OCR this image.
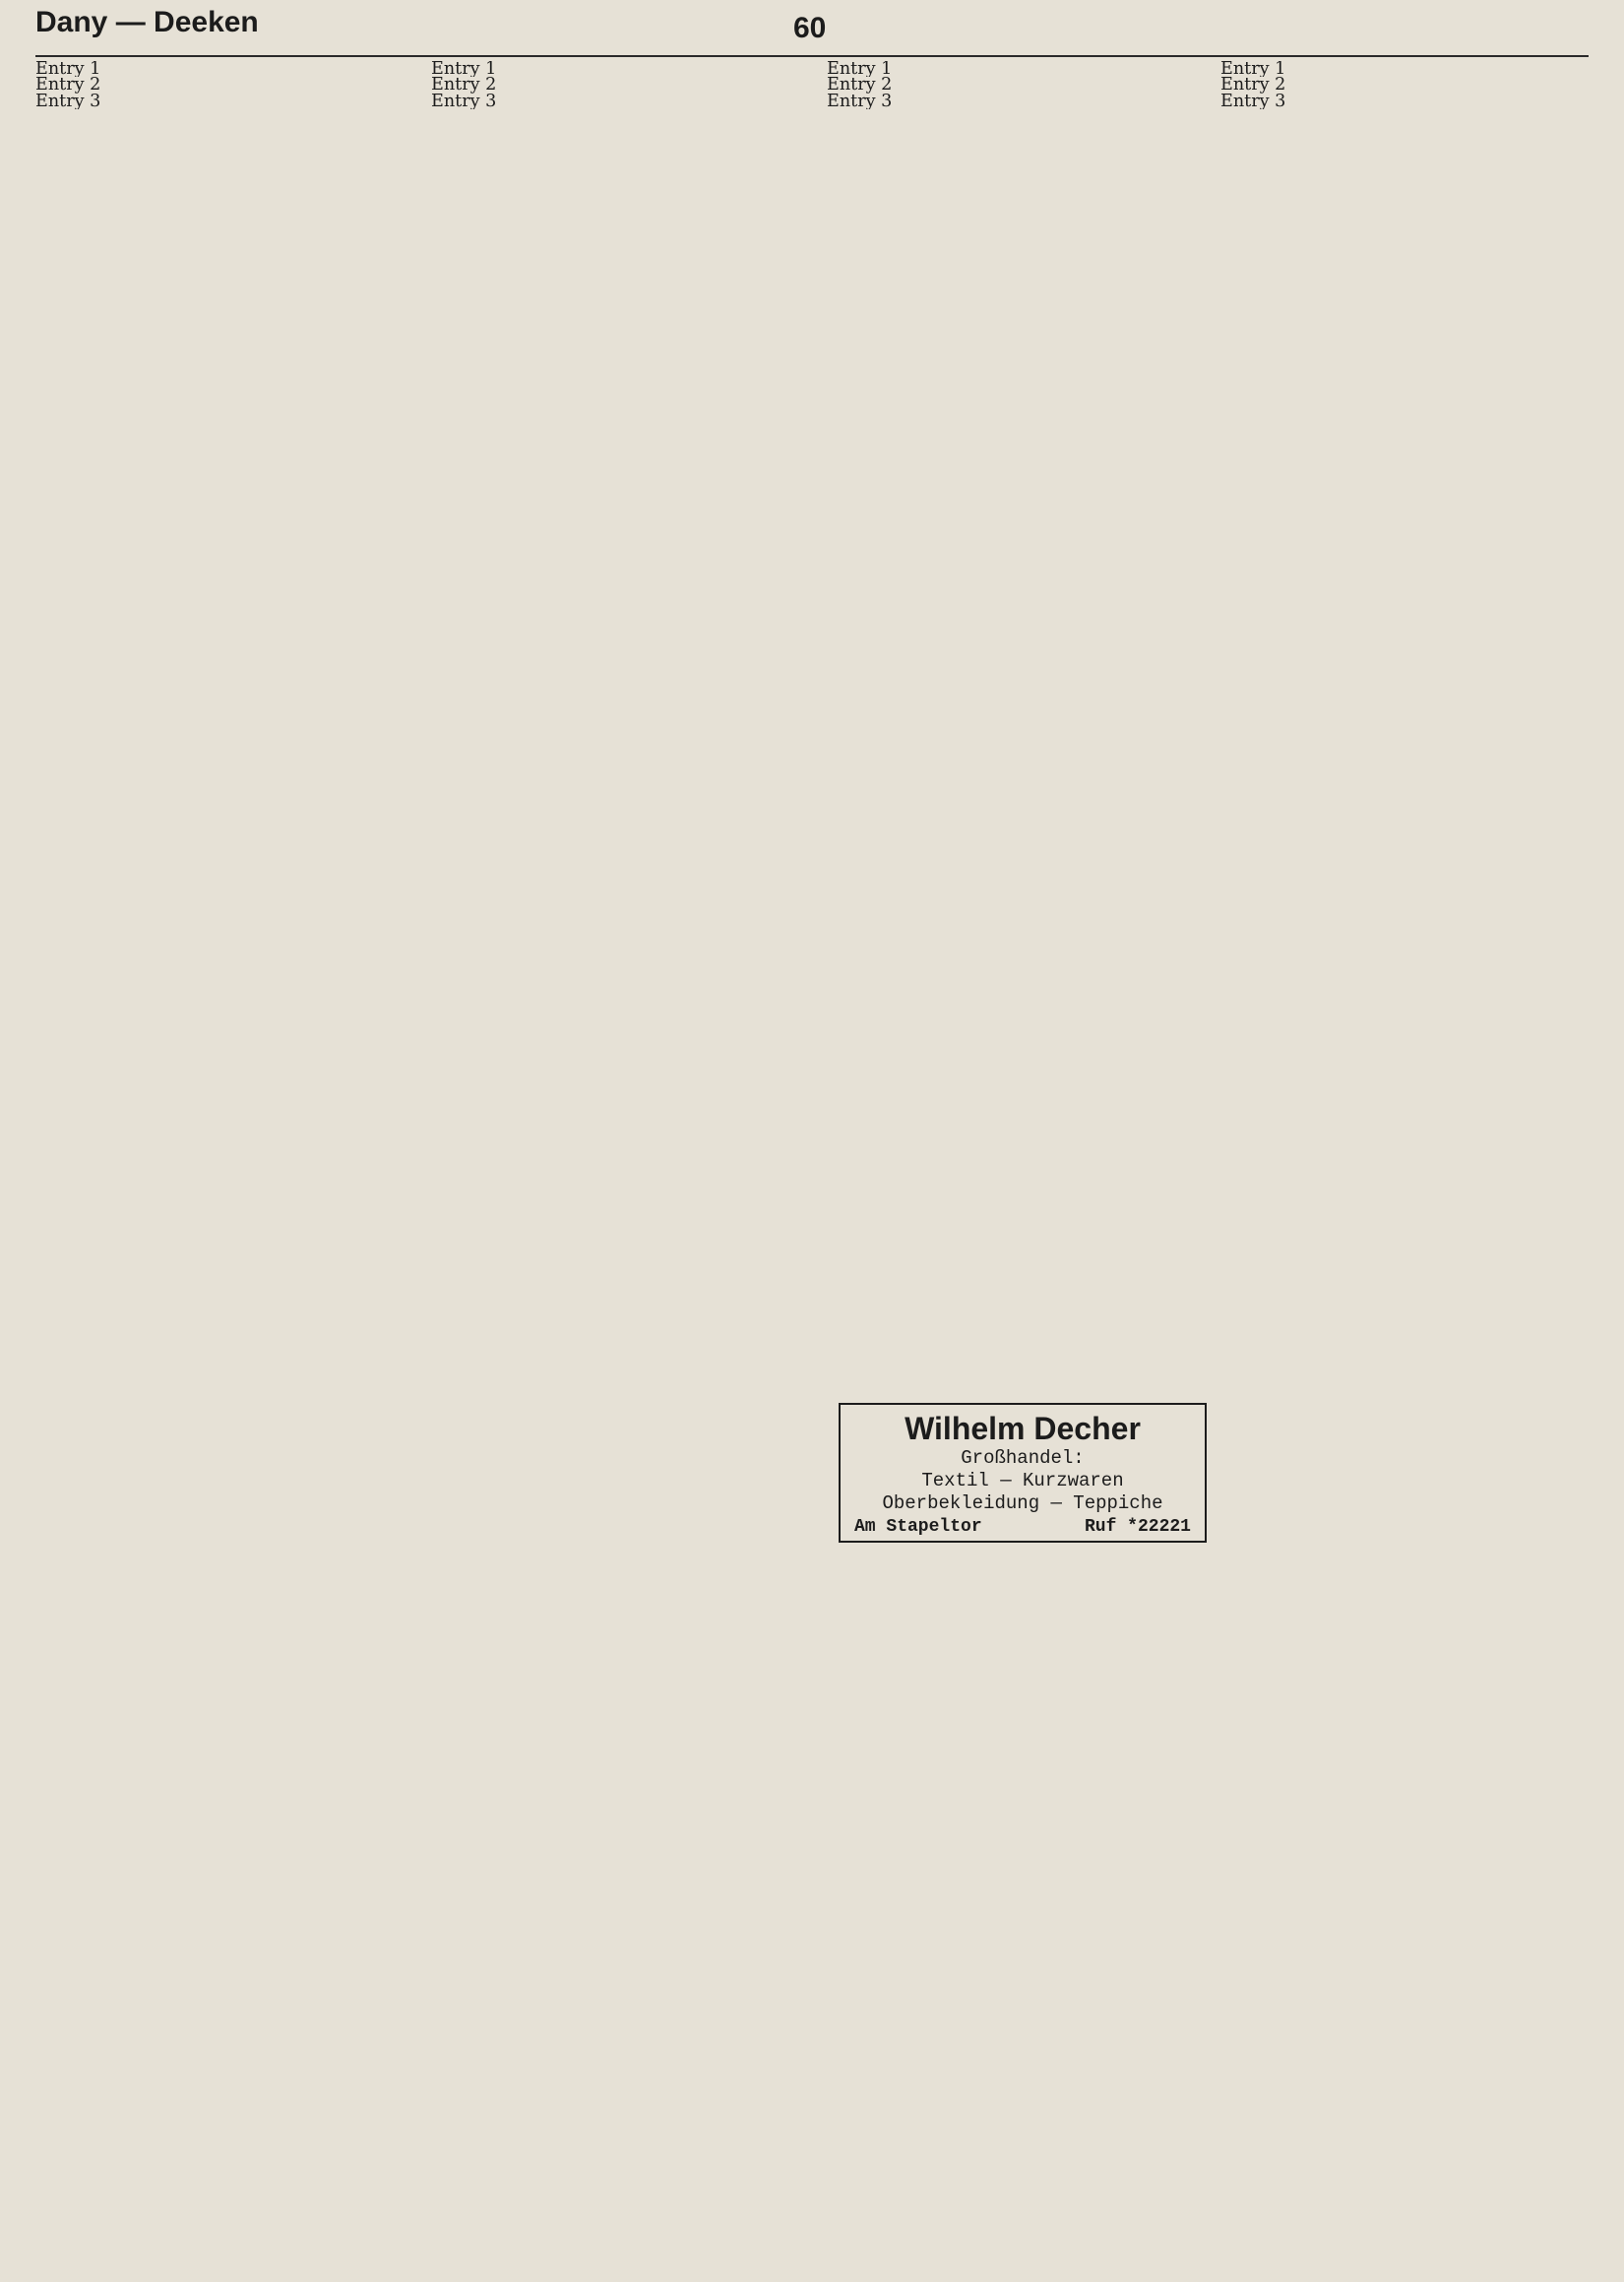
Dany — Deeken	60
Entry 1
Entry 2
Entry 3
Entry 1
Entry 2
Entry 3
Entry 1
Entry 2
Entry 3
Entry 1
Entry 2
Entry 3
Wilhelm Decher
Großhandel:
Textil — Kurzwaren
Oberbekleidung — Teppiche
Am Stapeltor	Ruf *22221
